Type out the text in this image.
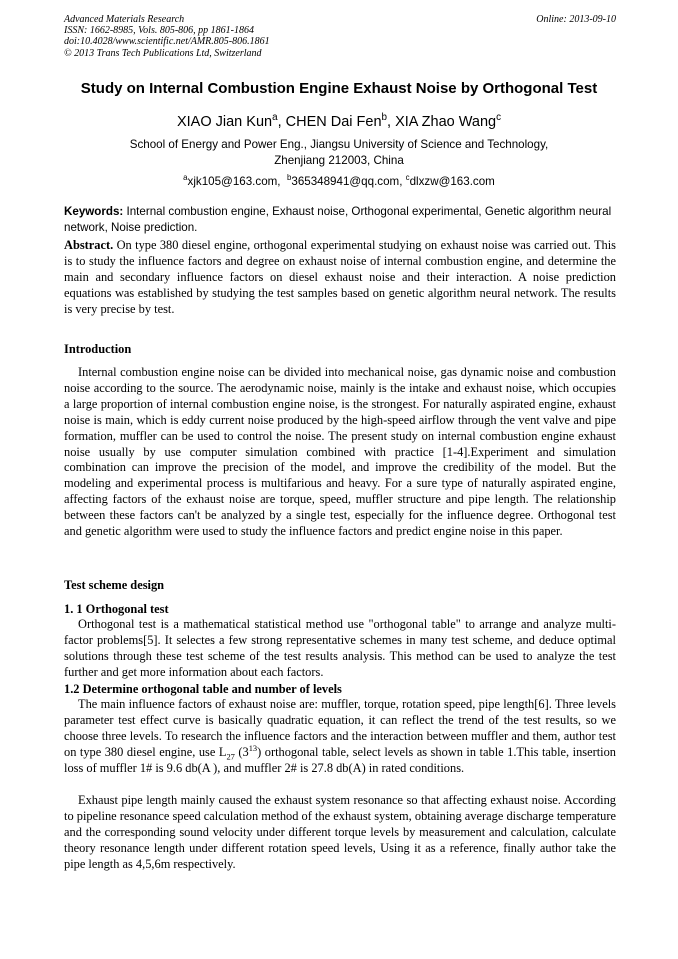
Advanced Materials Research
ISSN: 1662-8985, Vols. 805-806, pp 1861-1864
doi:10.4028/www.scientific.net/AMR.805-806.1861
© 2013 Trans Tech Publications Ltd, Switzerland
Online: 2013-09-10
Study on Internal Combustion Engine Exhaust Noise by Orthogonal Test
XIAO Jian Kun$^a$, CHEN Dai Fen$^b$, XIA Zhao Wang$^c$
School of Energy and Power Eng., Jiangsu University of Science and Technology,
Zhenjiang 212003, China
$^a$xjk105@163.com, $^b$365348941@qq.com, $^c$dlxzw@163.com
Keywords: Internal combustion engine, Exhaust noise, Orthogonal experimental, Genetic algorithm neural network, Noise prediction.

Abstract. On type 380 diesel engine, orthogonal experimental studying on exhaust noise was carried out. This is to study the influence factors and degree on exhaust noise of internal combustion engine, and determine the main and secondary influence factors on diesel exhaust noise and their interaction. A noise prediction equations was established by studying the test samples based on genetic algorithm neural network. The results is very precise by test.

Introduction

Internal combustion engine noise can be divided into mechanical noise, gas dynamic noise and combustion noise according to the source. The aerodynamic noise, mainly is the intake and exhaust noise, which occupies a large proportion of internal combustion engine noise, is the strongest. For naturally aspirated engine, exhaust noise is main, which is eddy current noise produced by the high-speed airflow through the vent valve and pipe formation, muffler can be used to control the noise. The present study on internal combustion engine exhaust noise usually by use computer simulation combined with practice [1-4].Experiment and simulation combination can improve the precision of the model, and improve the credibility of the model. But the modeling and experimental process is multifarious and heavy. For a sure type of naturally aspirated engine, affecting factors of the exhaust noise are torque, speed, muffler structure and pipe length. The relationship between these factors can't be analyzed by a single test, especially for the influence degree. Orthogonal test and genetic algorithm were used to study the influence factors and predict engine noise in this paper.

Test scheme design
1. 1 Orthogonal test

Orthogonal test is a mathematical statistical method use "orthogonal table" to arrange and analyze multi-factor problems[5]. It selectes a few strong representative schemes in many test scheme, and deduce optimal solutions through these test scheme of the test results analysis. This method can be used to analyze the test further and get more information about each factors.

1.2 Determine orthogonal table and number of levels

The main influence factors of exhaust noise are: muffler, torque, rotation speed, pipe length[6]. Three levels parameter test effect curve is basically quadratic equation, it can reflect the trend of the test results, so we choose three levels. To research the influence factors and the interaction between muffler and them, author test on type 380 diesel engine, use $L_{27}$ $(3^{13})$ orthogonal table, select levels as shown in table 1.This table, insertion loss of muffler 1# is 9.6 db(A ), and muffler 2# is 27.8 db(A) in rated conditions.

Exhaust pipe length mainly caused the exhaust system resonance so that affecting exhaust noise. According to pipeline resonance speed calculation method of the exhaust system, obtaining average discharge temperature and the corresponding sound velocity under different torque levels by measurement and calculation, calculate theory resonance length under different rotation speed levels, Using it as a reference, finally author take the pipe length as 4,5,6m respectively.
